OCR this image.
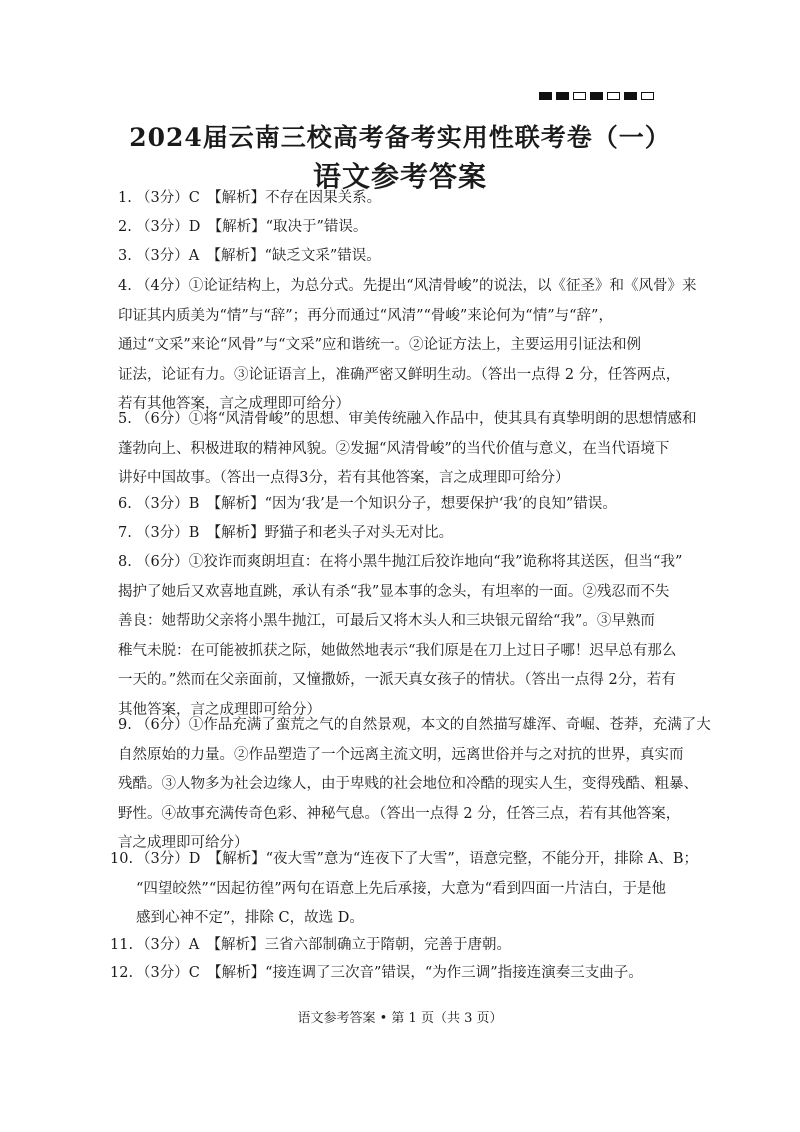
2024届云南三校高考备考实用性联考卷（一）
语文参考答案
1. （3分）C　【解析】不存在因果关系。
2. （3分）D　【解析】“取决于”错误。
3. （3分）A　【解析】“缺乏文采”错误。
4. （4分）①论证结构上，为总分式。先提出“风清骨峻”的说法，以《征圣》和《风骨》来
印证其内质美为“情”与“辞”；再分而通过“风清”“骨峻”来论何为“情”与“辞”，
通过“文采”来论“风骨”与“文采”应和谐统一。②论证方法上，主要运用引证法和例
证法，论证有力。③论证语言上，准确严密又鲜明生动。（答出一点得 2 分，任答两点，
若有其他答案，言之成理即可给分）
5. （6分）①将“风清骨峻”的思想、审美传统融入作品中，使其具有真挚明朗的思想情感和
蓬勃向上、积极进取的精神风貌。②发掘“风清骨峻”的当代价值与意义，在当代语境下
讲好中国故事。（答出一点得3分，若有其他答案，言之成理即可给分）
6. （3分）B　【解析】“因为‘我’是一个知识分子，想要保护‘我’的良知”错误。
7. （3分）B　【解析】野猫子和老头子对头无对比。
8. （6分）①狡诈而爽朗坦直：在将小黑牛抛江后狡诈地向“我”诡称将其送医，但当“我”
揭护了她后又欢喜地直跳，承认有杀“我”显本事的念头，有坦率的一面。②残忍而不失
善良：她帮助父亲将小黑牛抛江，可最后又将木头人和三块银元留给“我”。③早熟而
稚气未脱：在可能被抓获之际，她做然地表示“我们原是在刀上过日子哪！迟早总有那么
一天的。”然而在父亲面前，又憧撒娇，一派天真女孩子的情状。（答出一点得 2分，若有
其他答案，言之成理即可给分）
9. （6分）①作品充满了蛮荒之气的自然景观，本文的自然描写雄浑、奇崛、苍莽，充满了大
自然原始的力量。②作品塑造了一个远离主流文明，远离世俗并与之对抗的世界，真实而
残酷。③人物多为社会边缘人，由于卑贱的社会地位和冷酷的现实人生，变得残酷、粗暴、
野性。④故事充满传奇色彩、神秘气息。（答出一点得 2 分，任答三点，若有其他答案，
言之成理即可给分）
10. （3分）D　【解析】“夜大雪”意为“连夜下了大雪”，语意完整，不能分开，排除 A、B；
“四望皎然”“因起彷徨”两句在语意上先后承接，大意为“看到四面一片洁白，于是他
感到心神不定”，排除 C，故选 D。
11. （3分）A　【解析】三省六部制确立于隋朝，完善于唐朝。
12. （3分）C　【解析】“接连调了三次音”错误，“为作三调”指接连演奏三支曲子。
语文参考答案 • 第 1 页（共 3 页）
